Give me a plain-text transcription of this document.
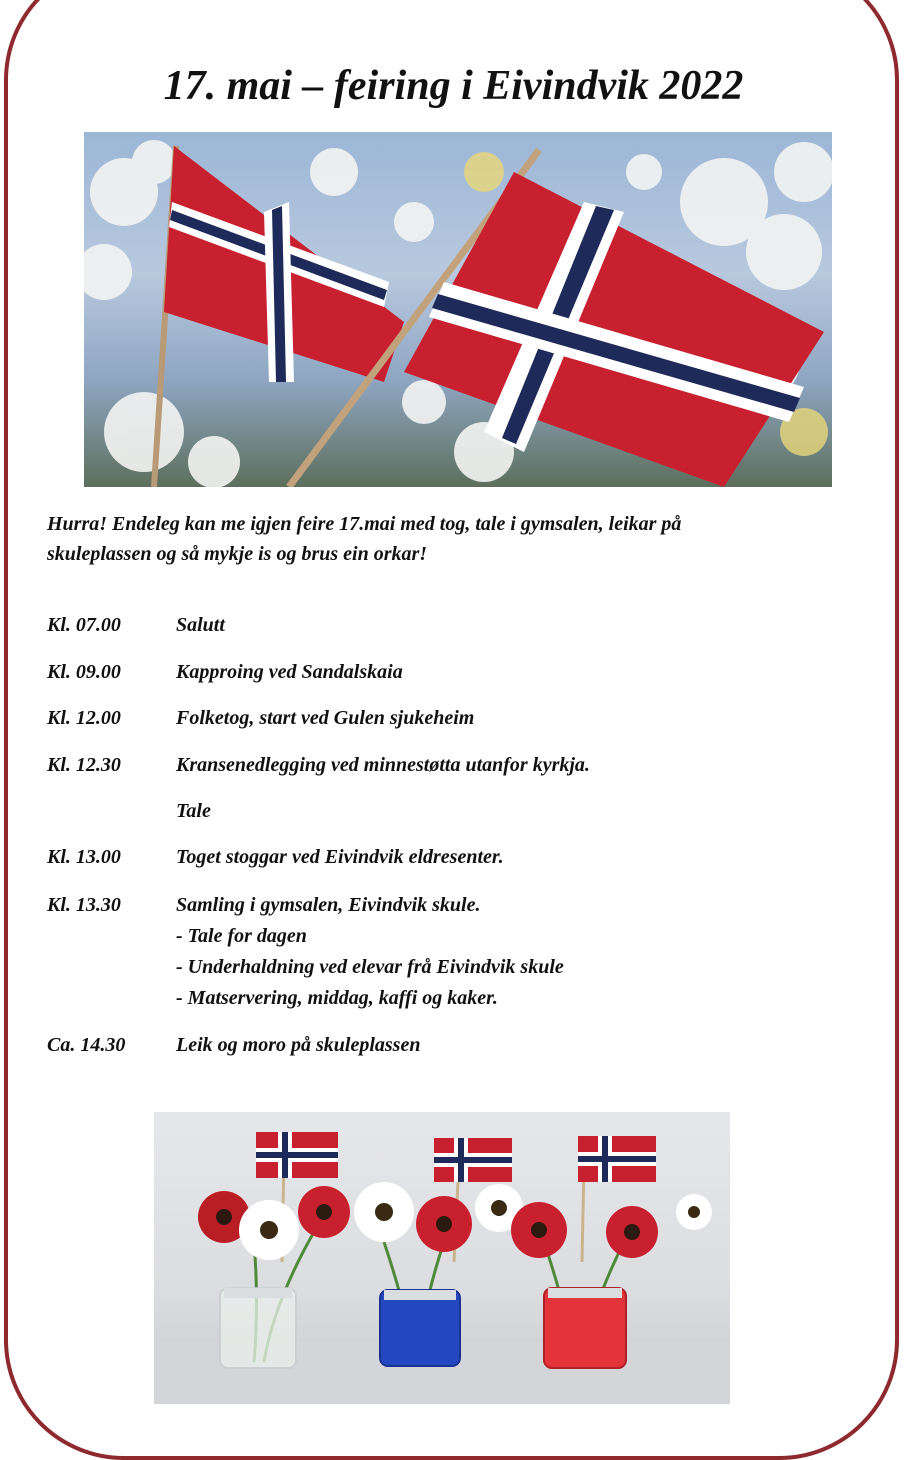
17. mai – feiring i Eivindvik 2022

Hurra! Endeleg kan me igjen feire 17.mai med tog, tale i gymsalen, leikar på
skuleplassen og så mykje is og brus ein orkar!

Kl. 07.00	Salutt
Kl. 09.00	Kapproing ved Sandalskaia
Kl. 12.00	Folketog, start ved Gulen sjukeheim
Kl. 12.30	Kransenedlegging ved minnestøtta utanfor kyrkja.
Tale
Kl. 13.00	Toget stoggar ved Eivindvik eldresenter.
Kl. 13.30	Samling i gymsalen, Eivindvik skule.
- Tale for dagen
- Underhaldning ved elevar frå Eivindvik skule
- Matservering, middag, kaffi og kaker.
Ca. 14.30	Leik og moro på skuleplassen
